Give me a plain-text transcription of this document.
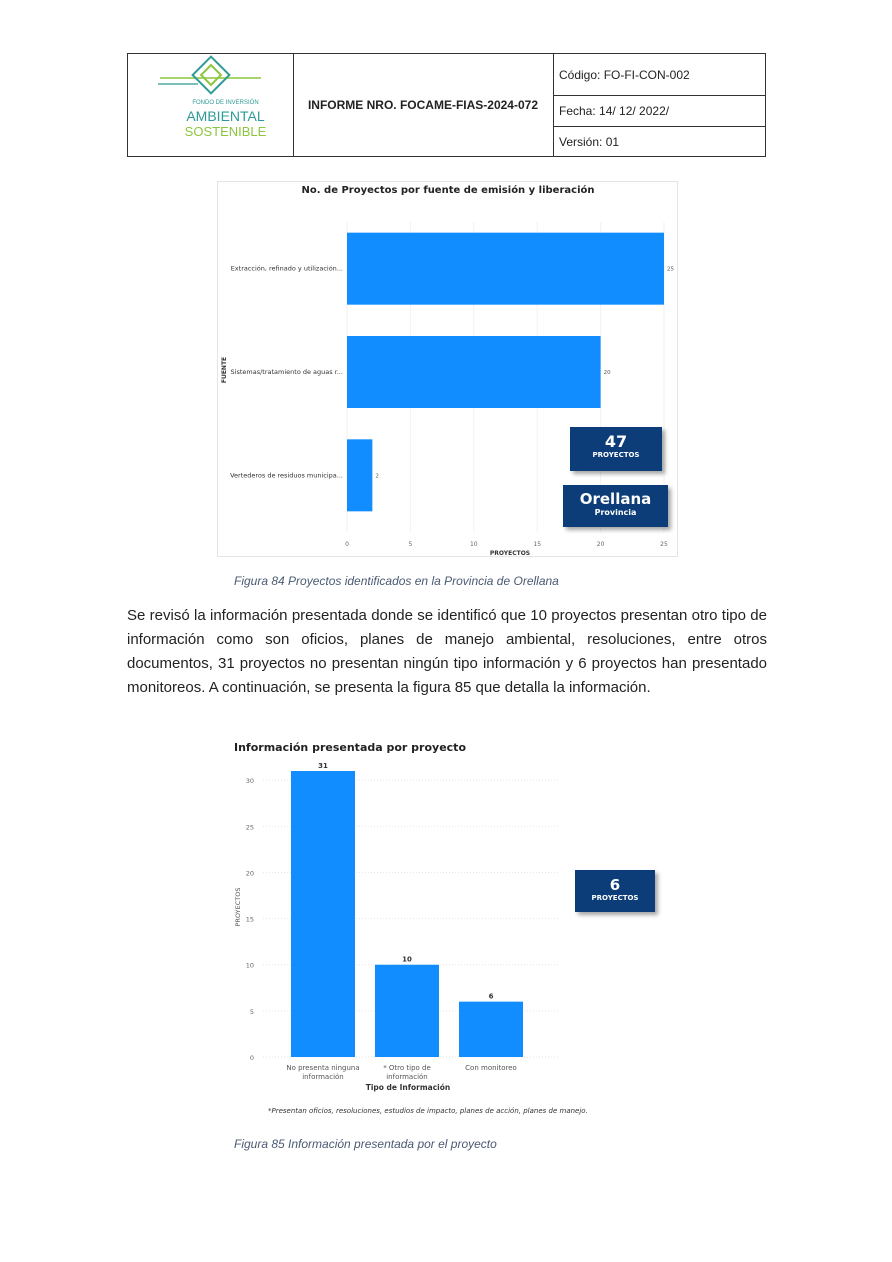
FONDO DE INVERSIÓN
AMBIENTAL
SOSTENIBLE
INFORME NRO. FOCAME-FIAS-2024-072
Código: FO-FI-CON-002
Fecha: 14/ 12/ 2022/
Versión: 01
No. de Proyectos por fuente de emisión y liberación
0	5	10	15	20	25
PROYECTOS
FUENTE
Extracción, refinado y utilización...	25
Sistemas/tratamiento de aguas r...	20
Vertederos de residuos municipa...	2
47
PROYECTOS
Orellana
Provincia
Figura 84 Proyectos identificados en la Provincia de Orellana
Se revisó la información presentada donde se identificó que 10 proyectos presentan otro tipo de información como son oficios, planes de manejo ambiental, resoluciones, entre otros documentos, 31 proyectos no presentan ningún tipo información y 6 proyectos han presentado monitoreos. A continuación, se presenta la figura 85 que detalla la información.
0
5
10
15
20
25
30
PROYECTOS
31
No presenta ninguna
información
10
* Otro tipo de
información
6
Con monitoreo
Tipo de Información
Información presentada por proyecto
6
PROYECTOS
*Presentan oficios, resoluciones, estudios de impacto, planes de acción, planes de manejo.
Figura 85 Información presentada por el proyecto
